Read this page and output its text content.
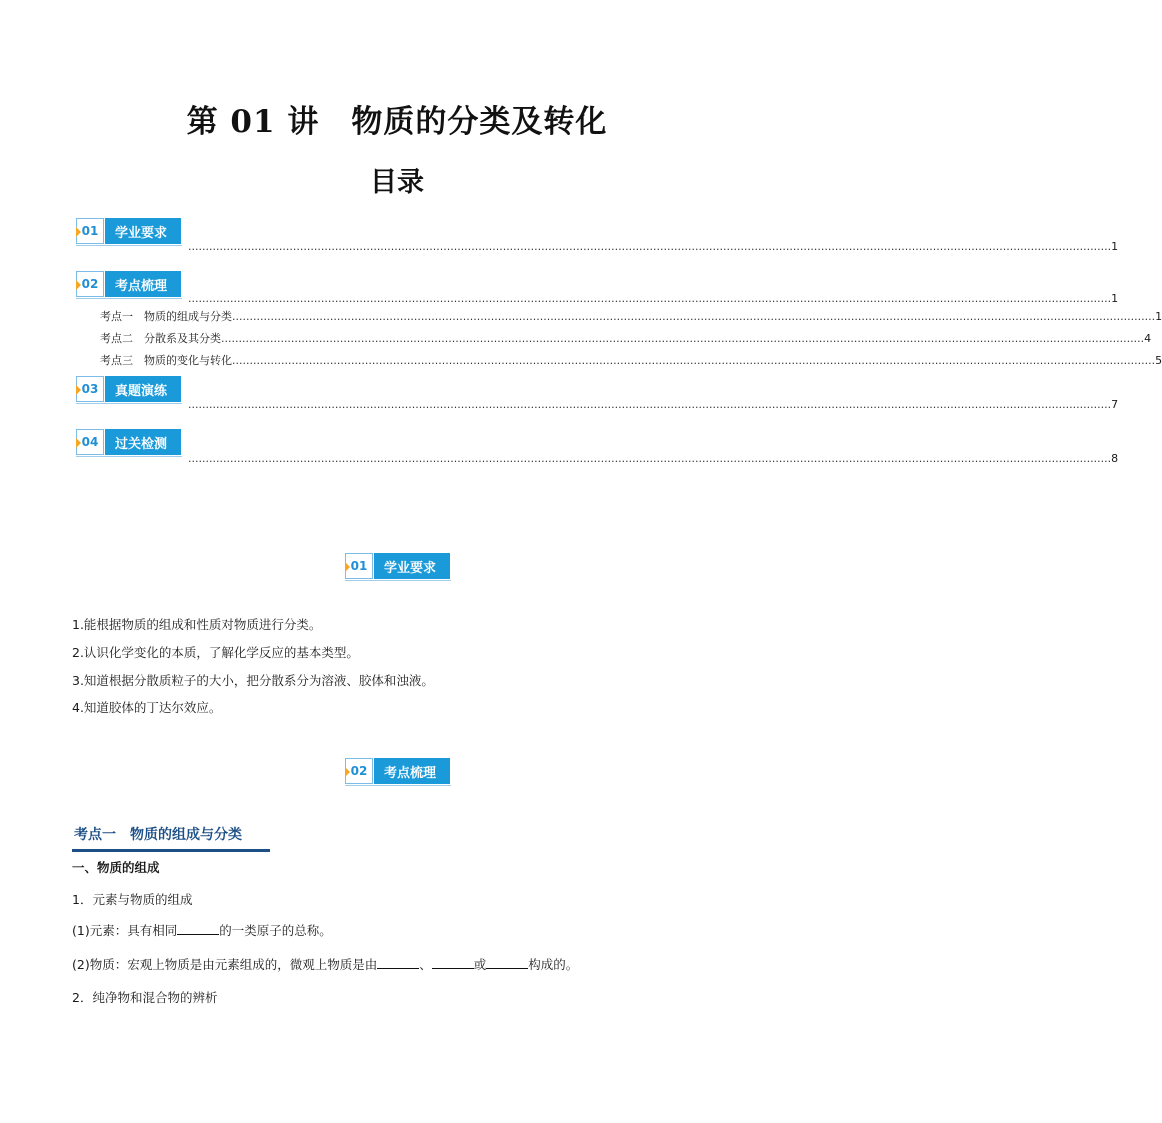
第 01 讲　物质的分类及转化
目录
01	学业要求
........................................................................................................................................................................................................................................................................ 1
02	考点梳理
........................................................................................................................................................................................................................................................................ 1
考点一　物质的组成与分类 ........................................................................................................................................................................................................................................................................ 1
考点二　分散系及其分类 ........................................................................................................................................................................................................................................................................ 4
考点三　物质的变化与转化 ........................................................................................................................................................................................................................................................................ 5
03	真题演练
........................................................................................................................................................................................................................................................................ 7
04	过关检测
........................................................................................................................................................................................................................................................................ 8
01	学业要求
1.能根据物质的组成和性质对物质进行分类。
2.认识化学变化的本质，了解化学反应的基本类型。
3.知道根据分散质粒子的大小，把分散系分为溶液、胶体和浊液。
4.知道胶体的丁达尔效应。
02	考点梳理
考点一　物质的组成与分类
一、物质的组成
1．元素与物质的组成
(1)元素：具有相同	的一类原子的总称。
(2)物质：宏观上物质是由元素组成的，微观上物质是由	、	或	构成的。
2．纯净物和混合物的辨析
